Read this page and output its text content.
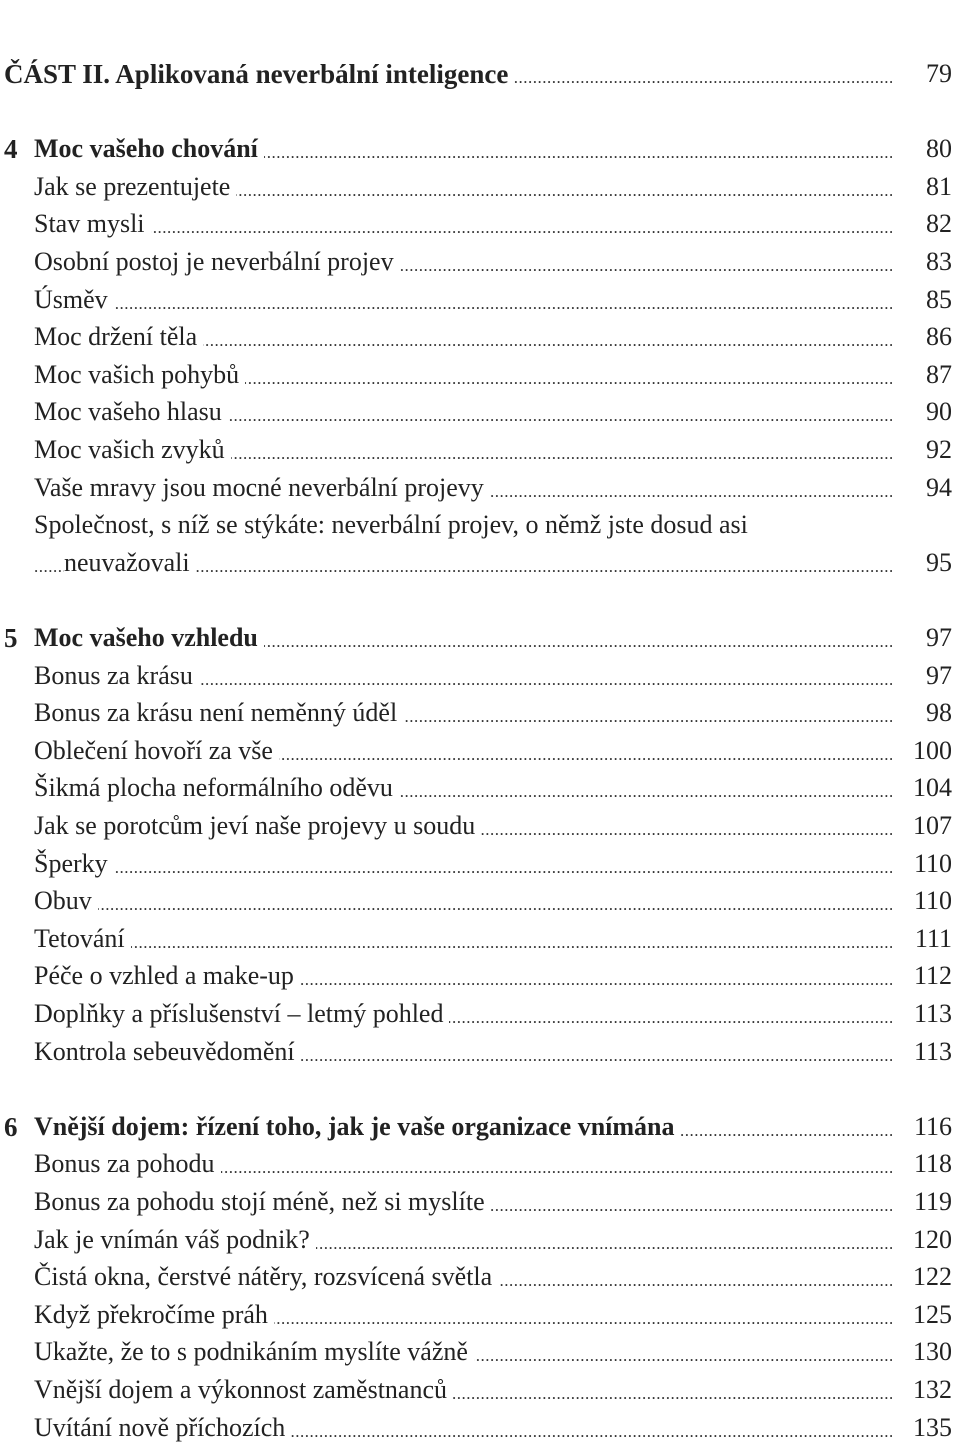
.....
ČÁST II. Aplikovaná neverbální inteligence	79
4 ..... Moc vašeho chování	80
.....
Jak se prezentujete	81
.....
Stav mysli	82
.....
Osobní postoj je neverbální projev	83
.....
Úsměv	85
.....
Moc držení těla	86
.....
Moc vašich pohybů	87
.....
Moc vašeho hlasu	90
.....
Moc vašich zvyků	92
.....
Vaše mravy jsou mocné neverbální projevy	94
Společnost, s níž se stýkáte: neverbální projev, o němž jste dosud asi
.....
neuvažovali	95
5 ..... Moc vašeho vzhledu	97
.....
Bonus za krásu	97
.....
Bonus za krásu není neměnný úděl	98
.....
Oblečení hovoří za vše	100
.....
Šikmá plocha neformálního oděvu	104
.....
Jak se porotcům jeví naše projevy u soudu	107
.....
Šperky	110
.....
Obuv	110
.....
Tetování	111
.....
Péče o vzhled a make-up	112
.....
Doplňky a příslušenství – letmý pohled	113
.....
Kontrola sebeuvědomění	113
6 ..... Vnější dojem: řízení toho, jak je vaše organizace vnímána	116
.....
Bonus za pohodu	118
.....
Bonus za pohodu stojí méně, než si myslíte	119
.....
Jak je vnímán váš podnik?	120
.....
Čistá okna, čerstvé nátěry, rozsvícená světla	122
.....
Když překročíme práh	125
.....
Ukažte, že to s podnikáním myslíte vážně	130
.....
Vnější dojem a výkonnost zaměstnanců	132
.....
Uvítání nově příchozích	135
